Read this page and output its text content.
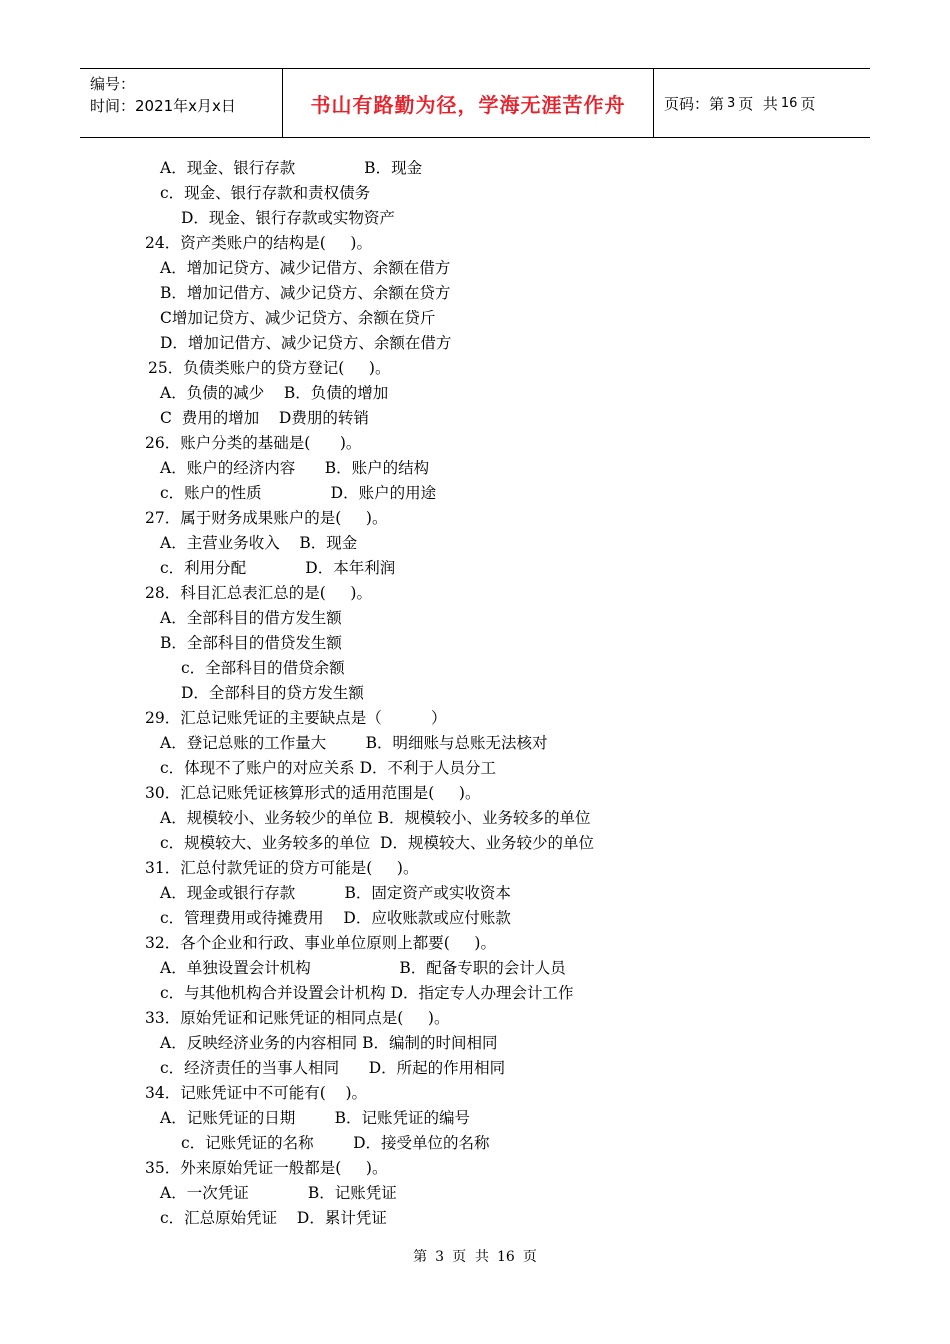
编号：
时间：2021年x月x日	书山有路勤为径，学海无涯苦作舟	页码：第 3 页  共 16 页
A．现金、银行存款              B．现金
c．现金、银行存款和责权债务
D．现金、银行存款或实物资产
24．资产类账户的结构是(     )。
A．增加记贷方、减少记借方、余额在借方
B．增加记借方、减少记贷方、余额在贷方
C增加记贷方、减少记贷方、余额在贷斤
D．增加记借方、减少记贷方、余额在借方
25．负债类账户的贷方登记(     )。
A．负债的减少    B．负债的增加
C  费用的增加    D费朋的转销
26．账户分类的基础是(      )。
A．账户的经济内容      B．账户的结构
c．账户的性质              D．账户的用途
27．属于财务成果账户的是(     )。
A．主营业务收入    B．现金
c．利用分配            D．本年利润
28．科目汇总表汇总的是(     )。
A．全部科目的借方发生额
B．全部科目的借贷发生额
c．全部科目的借贷余额
D．全部科目的贷方发生额
29．汇总记账凭证的主要缺点是（          ）
A．登记总账的工作量大        B．明细账与总账无法核对
c．体现不了账户的对应关系 D．不利于人员分工
30．汇总记账凭证核算形式的适用范围是(     )。
A．规模较小、业务较少的单位 B．规模较小、业务较多的单位
c．规模较大、业务较多的单位  D．规模较大、业务较少的单位
31．汇总付款凭证的贷方可能是(     )。
A．现金或银行存款          B．固定资产或实收资本
c．管理费用或待摊费用    D．应收账款或应付账款
32．各个企业和行政、事业单位原则上都要(     )。
A．单独设置会计机构                  B．配备专职的会计人员
c．与其他机构合并设置会计机构 D．指定专人办理会计工作
33．原始凭证和记账凭证的相同点是(     )。
A．反映经济业务的内容相同 B．编制的时间相同
c．经济责任的当事人相同      D．所起的作用相同
34．记账凭证中不可能有(    )。
A．记账凭证的日期        B．记账凭证的编号
c．记账凭证的名称        D．接受单位的名称
35．外来原始凭证一般都是(     )。
A．一次凭证            B．记账凭证
c．汇总原始凭证    D．累计凭证
第 3 页  共 16 页
